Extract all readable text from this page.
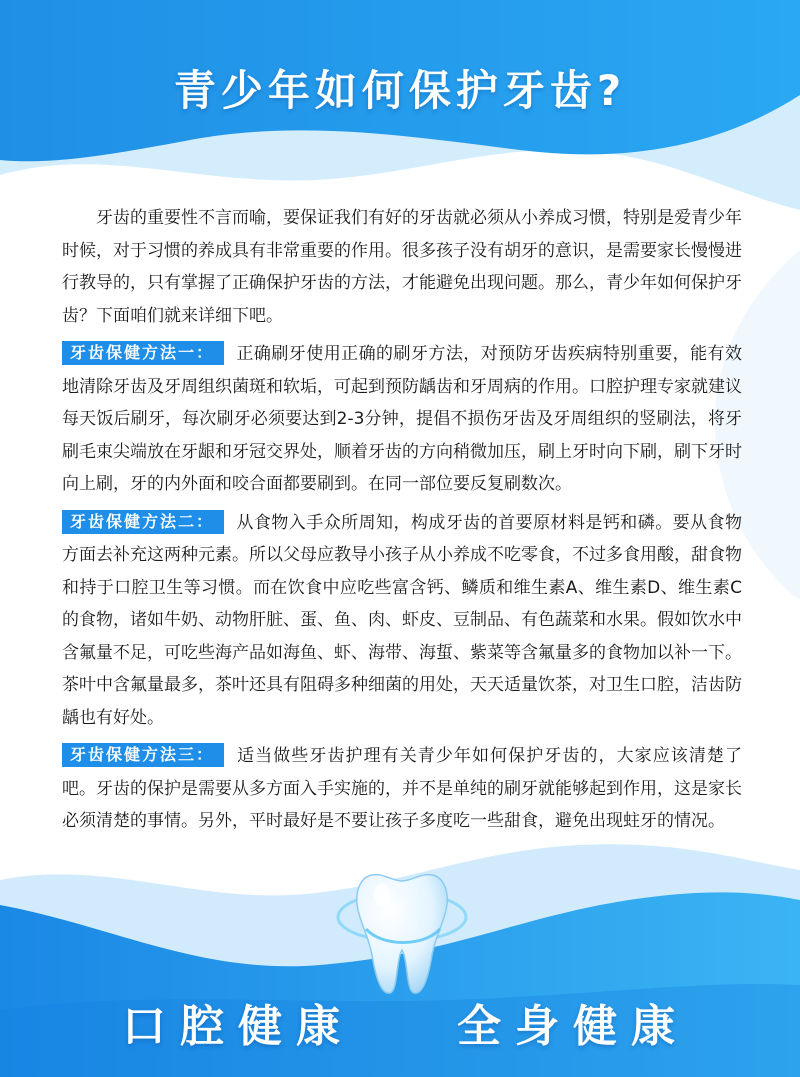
青少年如何保护牙齿?

牙齿的重要性不言而喻，要保证我们有好的牙齿就必须从小养成习惯，特别是爱青少年时候，对于习惯的养成具有非常重要的作用。很多孩子没有胡牙的意识，是需要家长慢慢进行教导的，只有掌握了正确保护牙齿的方法，才能避免出现问题。那么，青少年如何保护牙齿？下面咱们就来详细下吧。

牙齿保健方法一： 正确刷牙使用正确的刷牙方法，对预防牙齿疾病特别重要，能有效地清除牙齿及牙周组织菌斑和软垢，可起到预防龋齿和牙周病的作用。口腔护理专家就建议每天饭后刷牙，每次刷牙必须要达到2-3分钟，提倡不损伤牙齿及牙周组织的竖刷法，将牙刷毛束尖端放在牙龈和牙冠交界处，顺着牙齿的方向稍微加压，刷上牙时向下刷，刷下牙时向上刷，牙的内外面和咬合面都要刷到。在同一部位要反复刷数次。

牙齿保健方法二： 从食物入手众所周知，构成牙齿的首要原材料是钙和磷。要从食物方面去补充这两种元素。所以父母应教导小孩子从小养成不吃零食，不过多食用酸，甜食物和持于口腔卫生等习惯。而在饮食中应吃些富含钙、鳞质和维生素A、维生素D、维生素C的食物，诸如牛奶、动物肝脏、蛋、鱼、肉、虾皮、豆制品、有色蔬菜和水果。假如饮水中含氟量不足，可吃些海产品如海鱼、虾、海带、海蜇、紫菜等含氟量多的食物加以补一下。茶叶中含氟量最多，茶叶还具有阻碍多种细菌的用处，天天适量饮茶，对卫生口腔，洁齿防龋也有好处。

牙齿保健方法三： 适当做些牙齿护理有关青少年如何保护牙齿的，大家应该清楚了吧。牙齿的保护是需要从多方面入手实施的，并不是单纯的刷牙就能够起到作用，这是家长必须清楚的事情。另外，平时最好是不要让孩子多度吃一些甜食，避免出现蛀牙的情况。

口腔健康 全身健康
